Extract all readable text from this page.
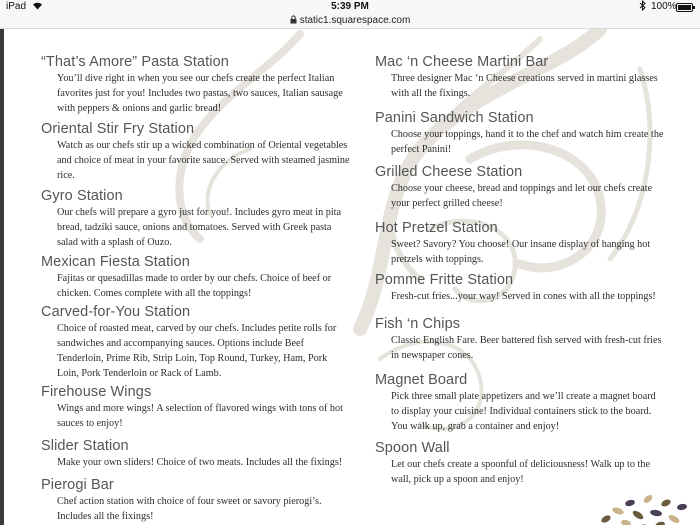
iPad	5:39 PM	100%
static1.squarespace.com
“That’s Amore” Pasta Station
You’ll dive right in when you see our chefs create the perfect Italian favorites just for you! Includes two pastas, two sauces, Italian sausage with peppers & onions and garlic bread!
Oriental Stir Fry Station
Watch as our chefs stir up a wicked combination of Oriental vegetables and choice of meat in your favorite sauce. Served with steamed jasmine rice.
Gyro Station
Our chefs will prepare a gyro just for you!. Includes gyro meat in pita bread, tadziki sauce, onions and tomatoes. Served with Greek pasta salad with a splash of Ouzo.
Mexican Fiesta Station
Fajitas or quesadillas made to order by our chefs. Choice of beef or chicken. Comes complete with all the toppings!
Carved-for-You Station
Choice of roasted meat, carved by our chefs. Includes petite rolls for sandwiches and accompanying sauces. Options include Beef Tenderloin, Prime Rib, Strip Loin, Top Round, Turkey, Ham, Pork Loin, Pork Tenderloin or Rack of Lamb.
Firehouse Wings
Wings and more wings! A selection of flavored wings with tons of hot sauces to enjoy!
Slider Station
Make your own sliders! Choice of two meats. Includes all the fixings!
Pierogi Bar
Chef action station with choice of four sweet or savory pierogi’s. Includes all the fixings!
Mac ‘n Cheese Martini Bar
Three designer Mac ‘n Cheese creations served in martini glasses with all the fixings.
Panini Sandwich Station
Choose your toppings, hand it to the chef and watch him create the perfect Panini!
Grilled Cheese Station
Choose your cheese, bread and toppings and let our chefs create your perfect grilled cheese!
Hot Pretzel Station
Sweet? Savory? You choose! Our insane display of hanging hot pretzels with toppings.
Pomme Fritte Station
Fresh-cut fries...your way! Served in cones with all the toppings!
Fish ‘n Chips
Classic English Fare. Beer battered fish served with fresh-cut fries in newspaper cones.
Magnet Board
Pick three small plate appetizers and we’ll create a magnet board to display your cuisine! Individual containers stick to the board. You walk up, grab a container and enjoy!
Spoon Wall
Let our chefs create a spoonful of deliciousness! Walk up to the wall, pick up a spoon and enjoy!
